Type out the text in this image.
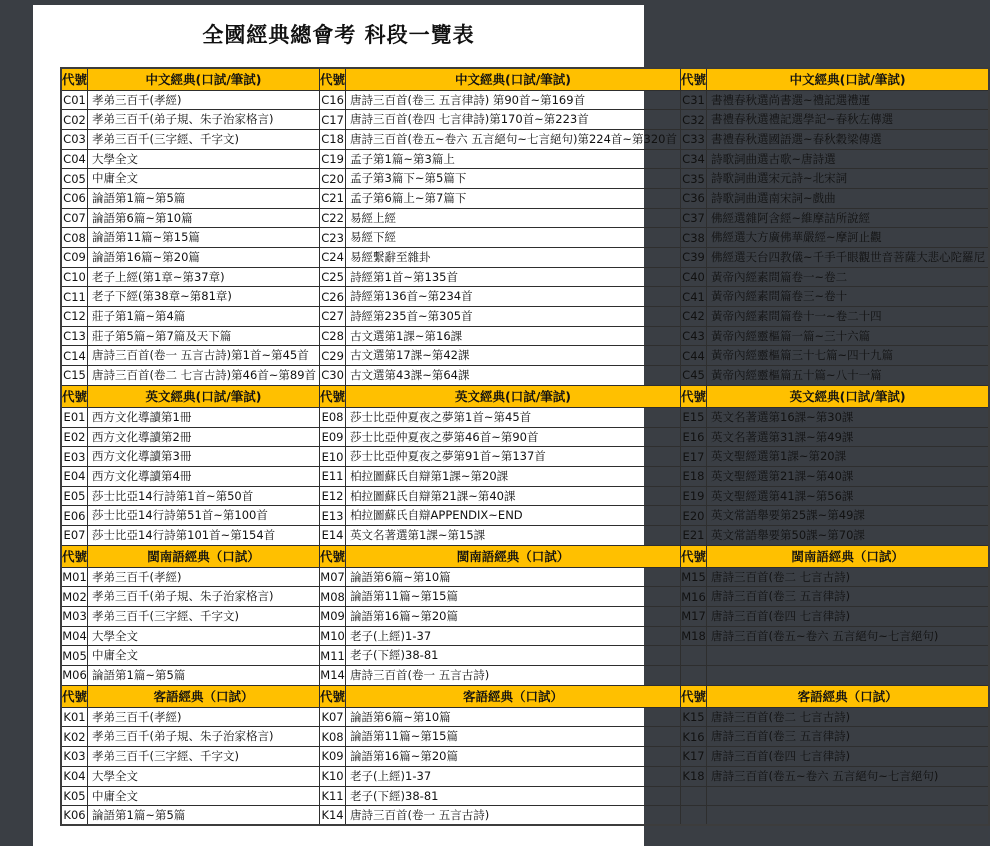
全國經典總會考 科段一覽表
代號	中文經典(口試/筆試)	代號	中文經典(口試/筆試)	代號	中文經典(口試/筆試)
C01	孝弟三百千(孝經)	C16	唐詩三百首(卷三 五言律詩) 第90首~第169首	C31	書禮春秋選尚書選~禮記選禮運

C02	孝弟三百千(弟子規、朱子治家格言)	C17	唐詩三百首(卷四 七言律詩)第170首~第223首	C32	書禮春秋選禮記選學記~春秋左傳選

C03	孝弟三百千(三字經、千字文)	C18	唐詩三百首(卷五~卷六 五言絕句~七言絕句)第224首~第320首	C33	書禮春秋選國語選~春秋穀梁傳選

C04	大學全文	C19	孟子第1篇~第3篇上	C34	詩歌詞曲選古歌~唐詩選

C05	中庸全文	C20	孟子第3篇下~第5篇下	C35	詩歌詞曲選宋元詩~北宋詞

C06	論語第1篇~第5篇	C21	孟子第6篇上~第7篇下	C36	詩歌詞曲選南宋詞~戲曲

C07	論語第6篇~第10篇	C22	易經上經	C37	佛經選雜阿含經~維摩詰所說經

C08	論語第11篇~第15篇	C23	易經下經	C38	佛經選大方廣佛華嚴經~摩訶止觀

C09	論語第16篇~第20篇	C24	易經繫辭至雜卦	C39	佛經選天台四教儀~千手千眼觀世音菩薩大悲心陀羅尼

C10	老子上經(第1章~第37章)	C25	詩經第1首~第135首	C40	黃帝內經素問篇卷一~卷二

C11	老子下經(第38章~第81章)	C26	詩經第136首~第234首	C41	黃帝內經素問篇卷三~卷十

C12	莊子第1篇~第4篇	C27	詩經第235首~第305首	C42	黃帝內經素問篇卷十一~卷二十四

C13	莊子第5篇~第7篇及天下篇	C28	古文選第1課~第16課	C43	黃帝內經靈樞篇一篇~三十六篇

C14	唐詩三百首(卷一 五言古詩)第1首~第45首	C29	古文選第17課~第42課	C44	黃帝內經靈樞篇三十七篇~四十九篇

C15	唐詩三百首(卷二 七言古詩)第46首~第89首	C30	古文選第43課~第64課	C45	黃帝內經靈樞篇五十篇~八十一篇

代號	英文經典(口試/筆試)	代號	英文經典(口試/筆試)	代號	英文經典(口試/筆試)
E01	西方文化導讀第1冊	E08	莎士比亞仲夏夜之夢第1首~第45首	E15	英文名著選第16課~第30課

E02	西方文化導讀第2冊	E09	莎士比亞仲夏夜之夢第46首~第90首	E16	英文名著選第31課~第49課

E03	西方文化導讀第3冊	E10	莎士比亞仲夏夜之夢第91首~第137首	E17	英文聖經選第1課~第20課

E04	西方文化導讀第4冊	E11	柏拉圖蘇氏自辯第1課~第20課	E18	英文聖經選第21課~第40課

E05	莎士比亞14行詩第1首~第50首	E12	柏拉圖蘇氏自辯第21課~第40課	E19	英文聖經選第41課~第56課

E06	莎士比亞14行詩第51首~第100首	E13	柏拉圖蘇氏自辯APPENDIX~END	E20	英文常語舉要第25課~第49課

E07	莎士比亞14行詩第101首~第154首	E14	英文名著選第1課~第15課	E21	英文常語舉要第50課~第70課

代號	閩南語經典（口試）	代號	閩南語經典（口試）	代號	閩南語經典（口試）
M01	孝弟三百千(孝經)	M07	論語第6篇~第10篇	M15	唐詩三百首(卷二 七言古詩)

M02	孝弟三百千(弟子規、朱子治家格言)	M08	論語第11篇~第15篇	M16	唐詩三百首(卷三 五言律詩)

M03	孝弟三百千(三字經、千字文)	M09	論語第16篇~第20篇	M17	唐詩三百首(卷四 七言律詩)

M04	大學全文	M10	老子(上經)1-37	M18	唐詩三百首(卷五~卷六 五言絕句~七言絕句)

M05	中庸全文	M11	老子(下經)38-81		

M06	論語第1篇~第5篇	M14	唐詩三百首(卷一 五言古詩)		

代號	客語經典（口試）	代號	客語經典（口試）	代號	客語經典（口試）
K01	孝弟三百千(孝經)	K07	論語第6篇~第10篇	K15	唐詩三百首(卷二 七言古詩)

K02	孝弟三百千(弟子規、朱子治家格言)	K08	論語第11篇~第15篇	K16	唐詩三百首(卷三 五言律詩)

K03	孝弟三百千(三字經、千字文)	K09	論語第16篇~第20篇	K17	唐詩三百首(卷四 七言律詩)

K04	大學全文	K10	老子(上經)1-37	K18	唐詩三百首(卷五~卷六 五言絕句~七言絕句)

K05	中庸全文	K11	老子(下經)38-81		

K06	論語第1篇~第5篇	K14	唐詩三百首(卷一 五言古詩)		
